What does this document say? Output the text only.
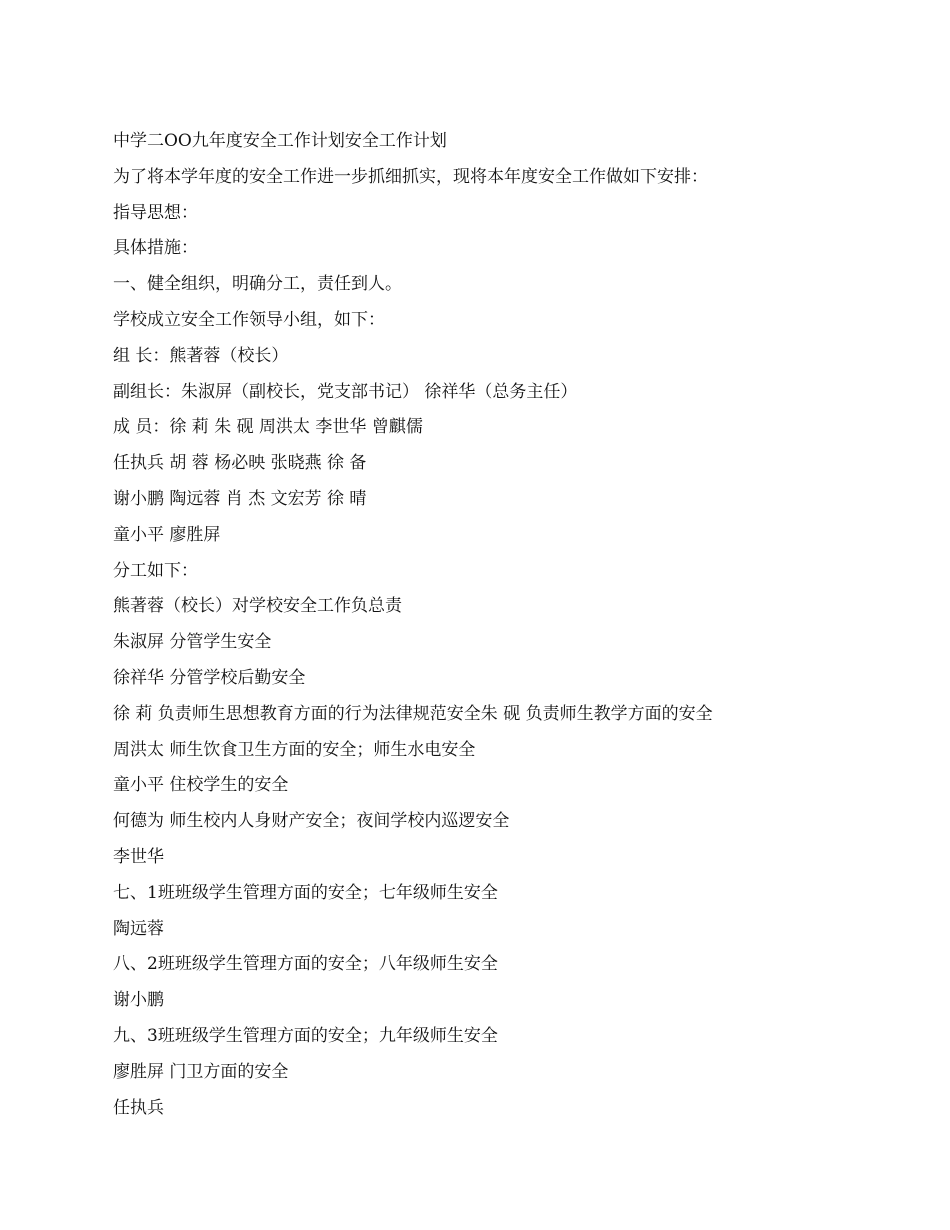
中学二OO九年度安全工作计划安全工作计划
为了将本学年度的安全工作进一步抓细抓实，现将本年度安全工作做如下安排：
指导思想：
具体措施：
一、健全组织，明确分工，责任到人。
学校成立安全工作领导小组，如下：
组 长：熊著蓉（校长）
副组长：朱淑屏（副校长，党支部书记） 徐祥华（总务主任）
成 员：徐 莉 朱 砚 周洪太 李世华 曾麒儒
任执兵 胡 蓉 杨必映 张晓燕 徐 备
谢小鹏 陶远蓉 肖 杰 文宏芳 徐 晴
童小平 廖胜屏
分工如下：
熊著蓉（校长）对学校安全工作负总责
朱淑屏 分管学生安全
徐祥华 分管学校后勤安全
徐 莉 负责师生思想教育方面的行为法律规范安全朱 砚 负责师生教学方面的安全
周洪太 师生饮食卫生方面的安全；师生水电安全
童小平 住校学生的安全
何德为 师生校内人身财产安全；夜间学校内巡逻安全
李世华
七、1班班级学生管理方面的安全；七年级师生安全
陶远蓉
八、2班班级学生管理方面的安全；八年级师生安全
谢小鹏
九、3班班级学生管理方面的安全；九年级师生安全
廖胜屏 门卫方面的安全
任执兵
